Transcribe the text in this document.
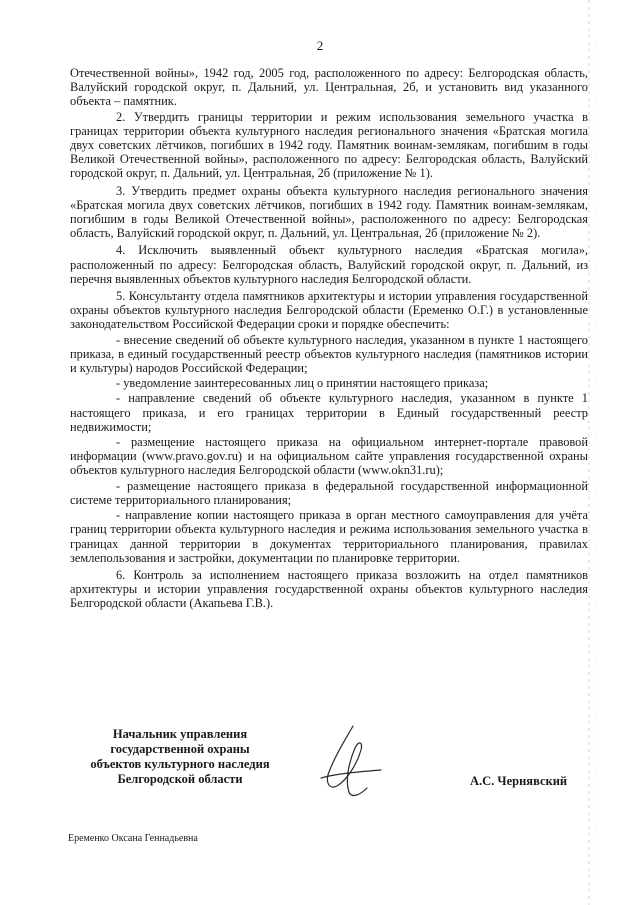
2

Отечественной войны», 1942 год, 2005 год, расположенного по адресу: Белгородская область, Валуйский городской округ, п. Дальний, ул. Центральная, 2б, и установить вид указанного объекта – памятник.

2. Утвердить границы территории и режим использования земельного участка в границах территории объекта культурного наследия регионального значения «Братская могила двух советских лётчиков, погибших в 1942 году. Памятник воинам-землякам, погибшим в годы Великой Отечественной войны», расположенного по адресу: Белгородская область, Валуйский городской округ, п. Дальний, ул. Центральная, 2б (приложение № 1).

3. Утвердить предмет охраны объекта культурного наследия регионального значения «Братская могила двух советских лётчиков, погибших в 1942 году. Памятник воинам-землякам, погибшим в годы Великой Отечественной войны», расположенного по адресу: Белгородская область, Валуйский городской округ, п. Дальний, ул. Центральная, 2б (приложение № 2).

4. Исключить выявленный объект культурного наследия «Братская могила», расположенный по адресу: Белгородская область, Валуйский городской округ, п. Дальний, из перечня выявленных объектов культурного наследия Белгородской области.

5. Консультанту отдела памятников архитектуры и истории управления государственной охраны объектов культурного наследия Белгородской области (Еременко О.Г.) в установленные законодательством Российской Федерации сроки и порядке обеспечить:

- внесение сведений об объекте культурного наследия, указанном в пункте 1 настоящего приказа, в единый государственный реестр объектов культурного наследия (памятников истории и культуры) народов Российской Федерации;

- уведомление заинтересованных лиц о принятии настоящего приказа;

- направление сведений об объекте культурного наследия, указанном в пункте 1 настоящего приказа, и его границах территории в Единый государственный реестр недвижимости;

- размещение настоящего приказа на официальном интернет-портале правовой информации (www.pravo.gov.ru) и на официальном сайте управления государственной охраны объектов культурного наследия Белгородской области (www.okn31.ru);

- размещение настоящего приказа в федеральной государственной информационной системе территориального планирования;

- направление копии настоящего приказа в орган местного самоуправления для учёта границ территории объекта культурного наследия и режима использования земельного участка в границах данной территории в документах территориального планирования, правилах землепользования и застройки, документации по планировке территории.

6. Контроль за исполнением настоящего приказа возложить на отдел памятников архитектуры и истории управления государственной охраны объектов культурного наследия Белгородской области (Акапьева Г.В.).

Начальник управления
государственной охраны
объектов культурного наследия
Белгородской области	А.С. Чернявский
Еременко Оксана Геннадьевна
